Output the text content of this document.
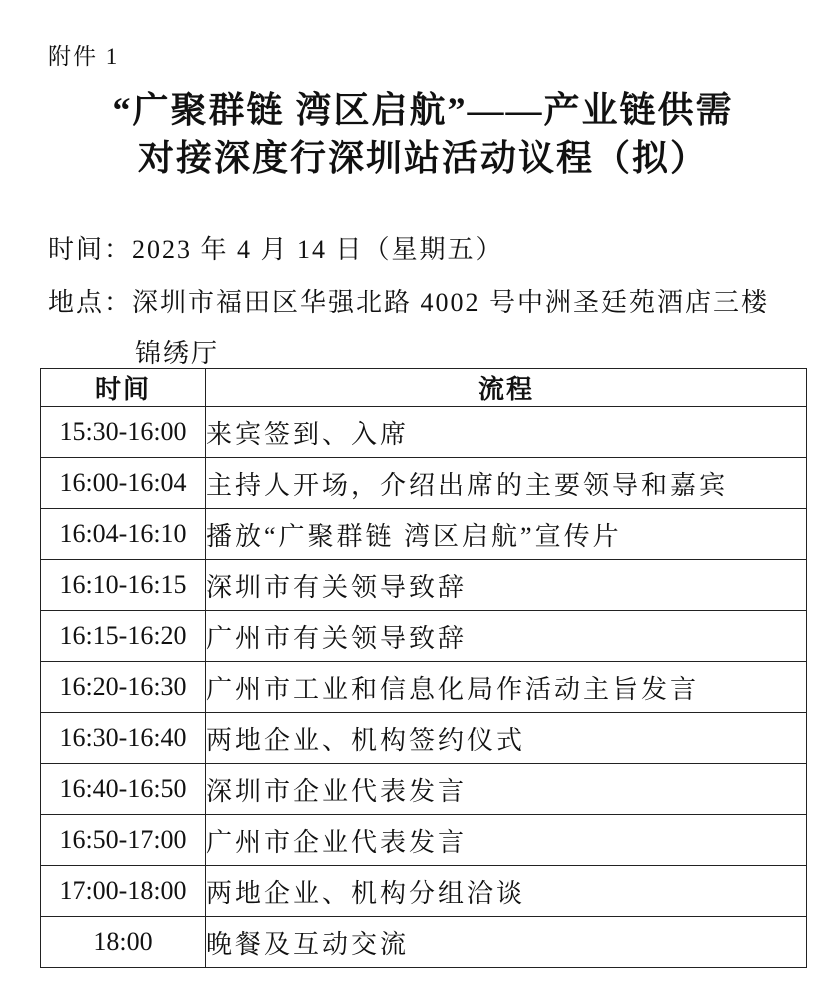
附件 1
“广聚群链 湾区启航”——产业链供需
对接深度行深圳站活动议程（拟）
时间：2023 年 4 月 14 日（星期五）
地点：深圳市福田区华强北路 4002 号中洲圣廷苑酒店三楼
锦绣厅
时间	流程
15:30-16:00	来宾签到、入席
16:00-16:04	主持人开场，介绍出席的主要领导和嘉宾
16:04-16:10	播放“广聚群链 湾区启航”宣传片
16:10-16:15	深圳市有关领导致辞
16:15-16:20	广州市有关领导致辞
16:20-16:30	广州市工业和信息化局作活动主旨发言
16:30-16:40	两地企业、机构签约仪式
16:40-16:50	深圳市企业代表发言
16:50-17:00	广州市企业代表发言
17:00-18:00	两地企业、机构分组洽谈
18:00	晚餐及互动交流
